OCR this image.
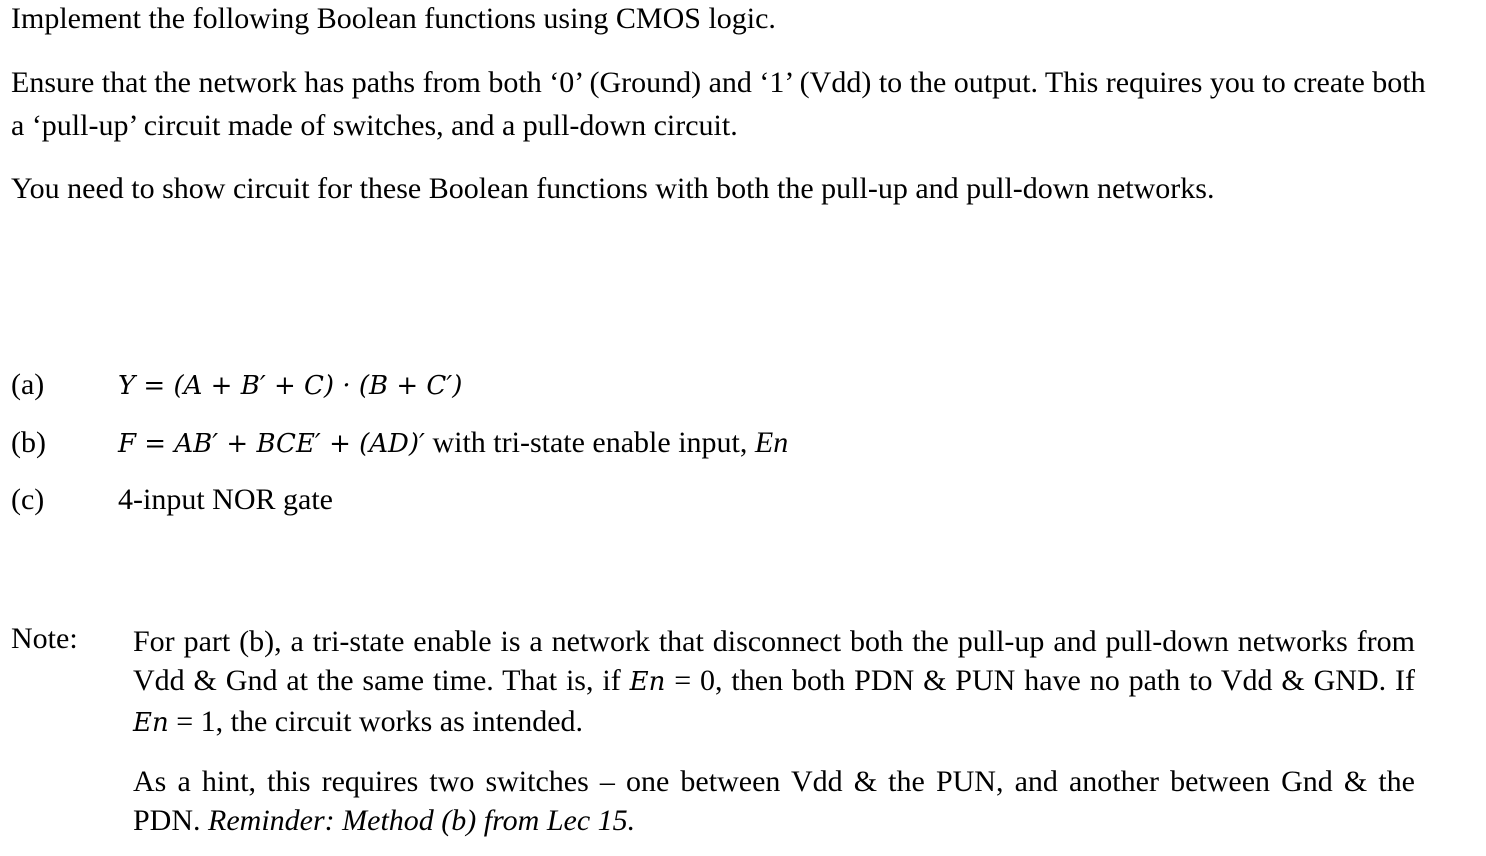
Implement the following Boolean functions using CMOS logic.
Ensure that the network has paths from both ‘0’ (Ground) and ‘1’ (Vdd) to the output. This requires you to create both a ‘pull-up’ circuit made of switches, and a pull-down circuit.
You need to show circuit for these Boolean functions with both the pull-up and pull-down networks.
(a)	Y = (A + B′ + C) · (B + C′)
(b)	F = AB′ + BCE′ + (AD)′ with tri-state enable input, En
(c) 4-input NOR gate
Note: For part (b), a tri-state enable is a network that disconnect both the pull-up and pull-down networks from Vdd & Gnd at the same time. That is, if En = 0, then both PDN & PUN have no path to Vdd & GND. If En = 1, the circuit works as intended.
As a hint, this requires two switches – one between Vdd & the PUN, and another between Gnd & the PDN. Reminder: Method (b) from Lec 15.
